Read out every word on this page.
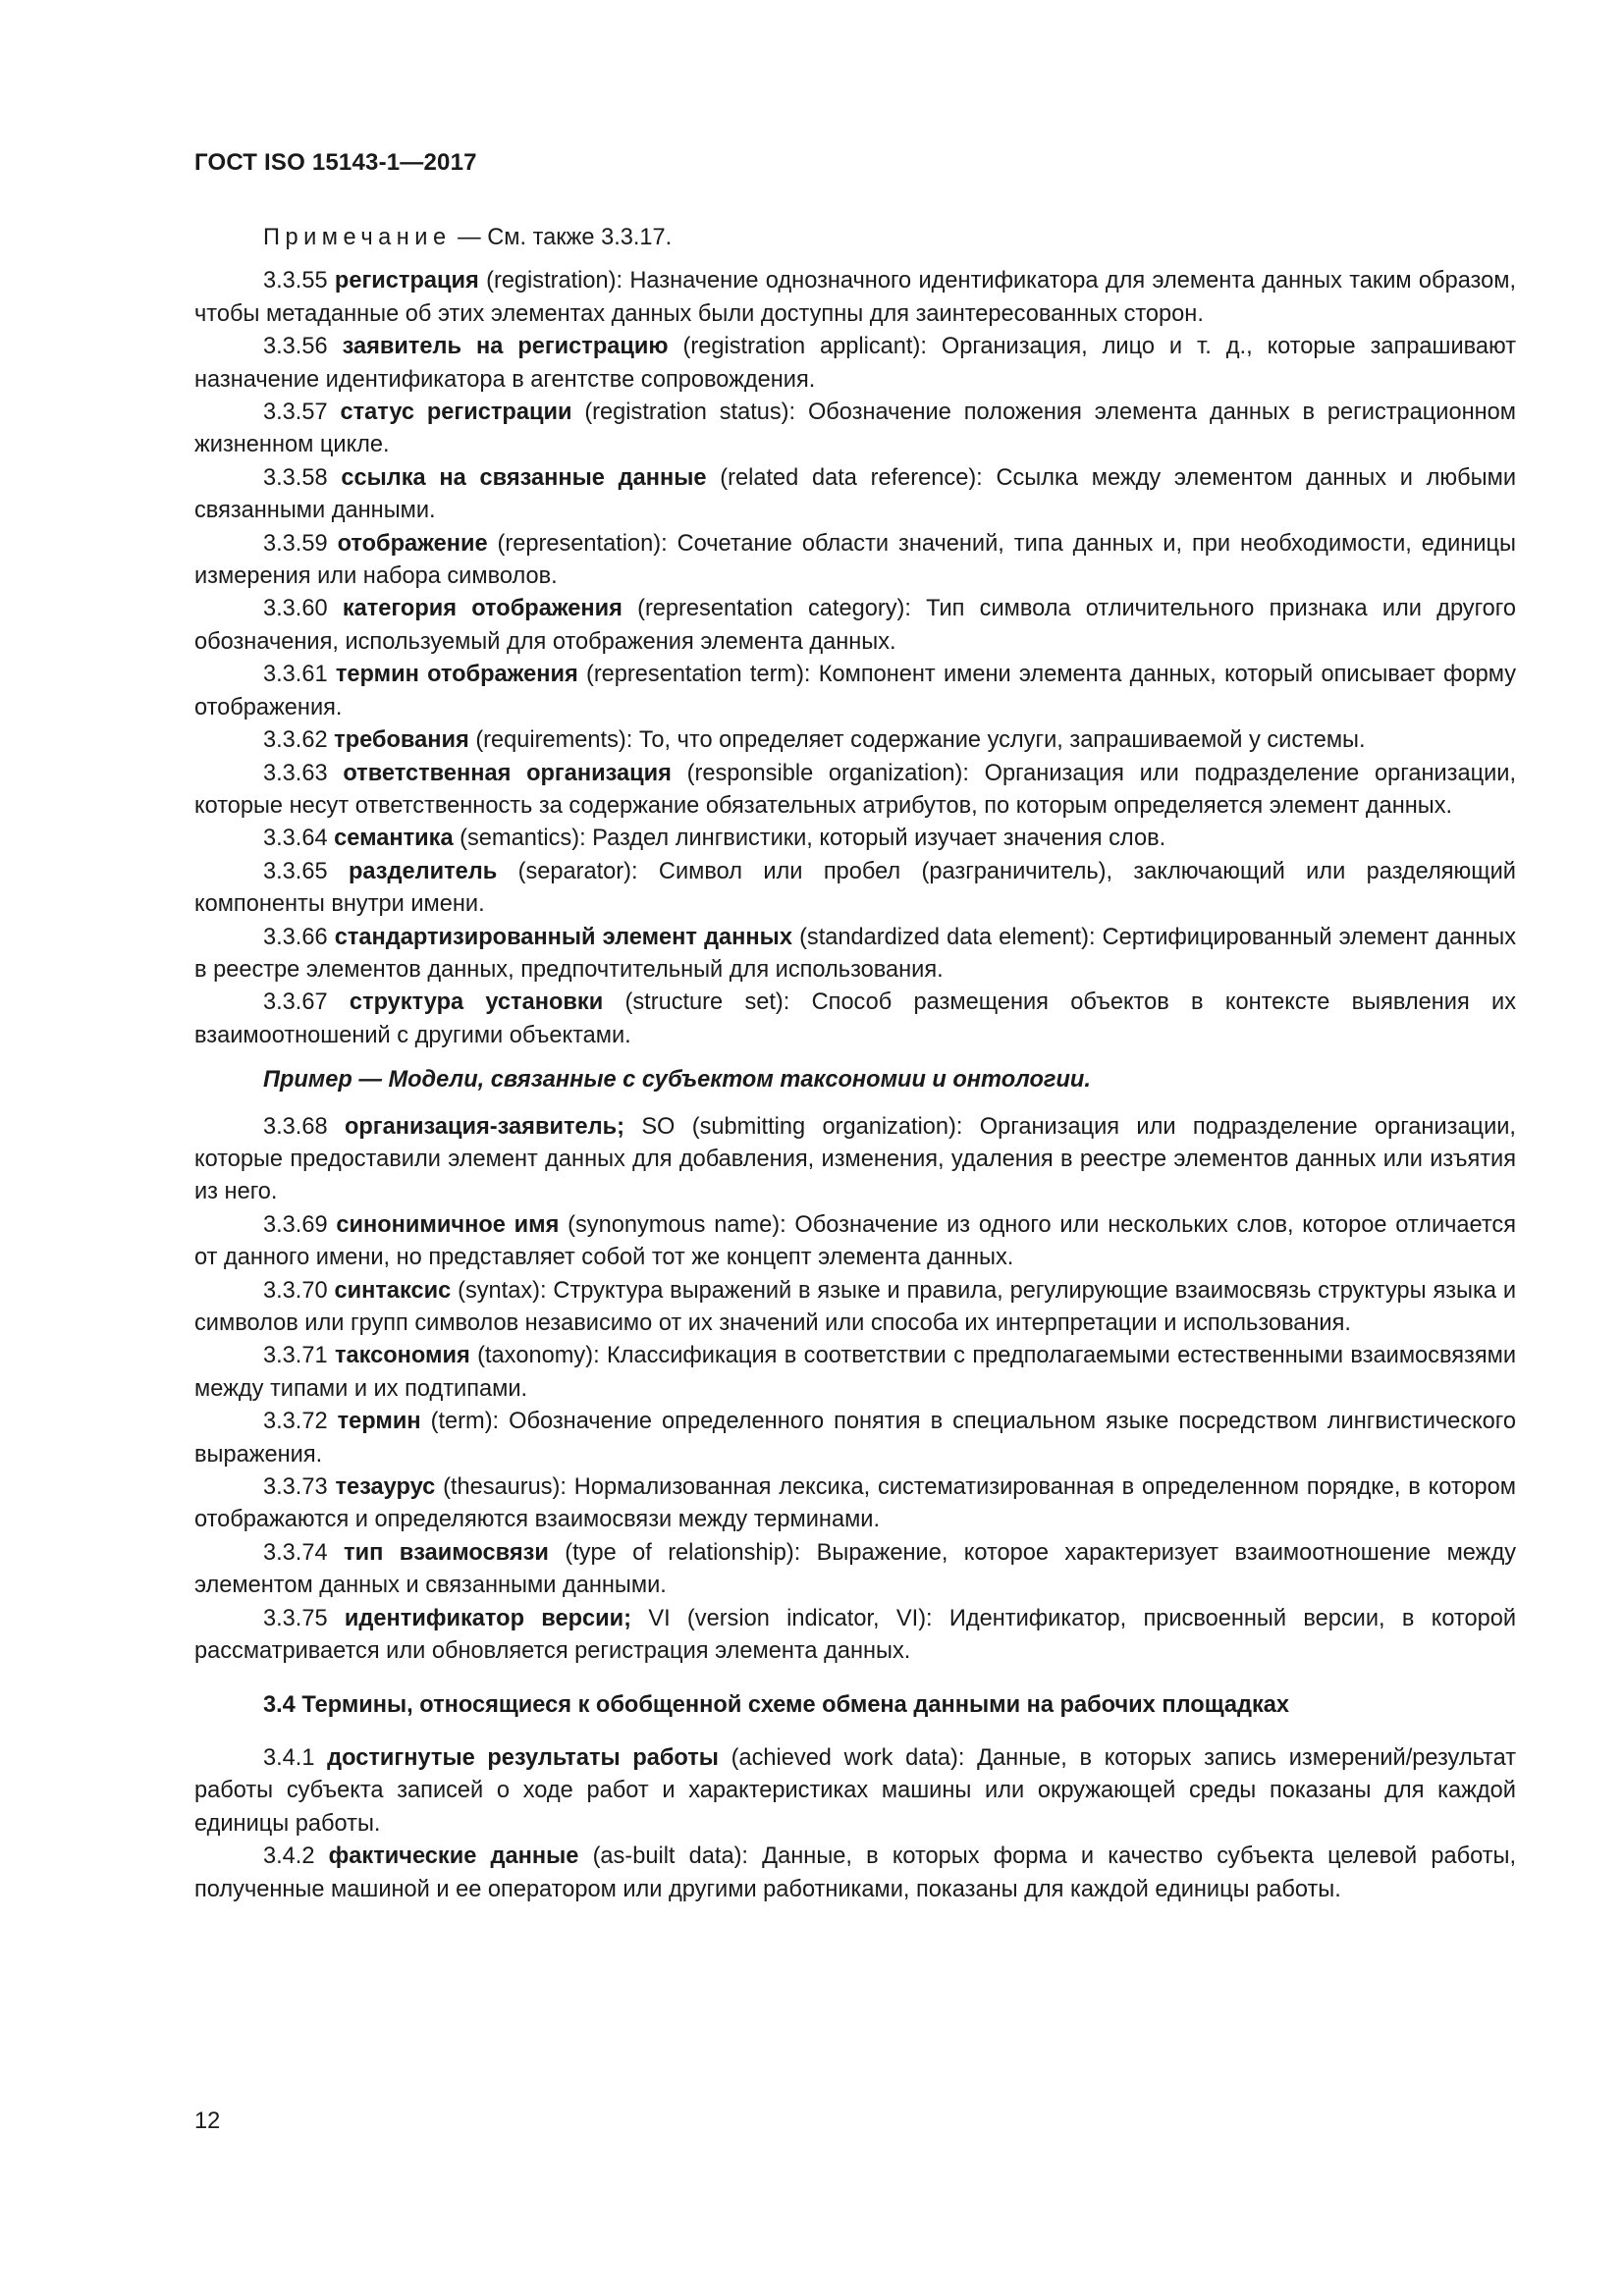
ГОСТ ISO 15143-1—2017

Примечание — См. также 3.3.17.

3.3.55 регистрация (registration): Назначение однозначного идентификатора для элемента данных таким образом, чтобы метаданные об этих элементах данных были доступны для заинтересованных сторон.

3.3.56 заявитель на регистрацию (registration applicant): Организация, лицо и т. д., которые запрашивают назначение идентификатора в агентстве сопровождения.

3.3.57 статус регистрации (registration status): Обозначение положения элемента данных в регистрационном жизненном цикле.

3.3.58 ссылка на связанные данные (related data reference): Ссылка между элементом данных и любыми связанными данными.

3.3.59 отображение (representation): Сочетание области значений, типа данных и, при необходимости, единицы измерения или набора символов.

3.3.60 категория отображения (representation category): Тип символа отличительного признака или другого обозначения, используемый для отображения элемента данных.

3.3.61 термин отображения (representation term): Компонент имени элемента данных, который описывает форму отображения.

3.3.62 требования (requirements): То, что определяет содержание услуги, запрашиваемой у системы.

3.3.63 ответственная организация (responsible organization): Организация или подразделение организации, которые несут ответственность за содержание обязательных атрибутов, по которым определяется элемент данных.

3.3.64 семантика (semantics): Раздел лингвистики, который изучает значения слов.

3.3.65 разделитель (separator): Символ или пробел (разграничитель), заключающий или разделяющий компоненты внутри имени.

3.3.66 стандартизированный элемент данных (standardized data element): Сертифицированный элемент данных в реестре элементов данных, предпочтительный для использования.

3.3.67 структура установки (structure set): Способ размещения объектов в контексте выявления их взаимоотношений с другими объектами.

Пример — Модели, связанные с субъектом таксономии и онтологии.

3.3.68 организация-заявитель; SO (submitting organization): Организация или подразделение организации, которые предоставили элемент данных для добавления, изменения, удаления в реестре элементов данных или изъятия из него.

3.3.69 синонимичное имя (synonymous name): Обозначение из одного или нескольких слов, которое отличается от данного имени, но представляет собой тот же концепт элемента данных.

3.3.70 синтаксис (syntax): Структура выражений в языке и правила, регулирующие взаимосвязь структуры языка и символов или групп символов независимо от их значений или способа их интерпретации и использования.

3.3.71 таксономия (taxonomy): Классификация в соответствии с предполагаемыми естественными взаимосвязями между типами и их подтипами.

3.3.72 термин (term): Обозначение определенного понятия в специальном языке посредством лингвистического выражения.

3.3.73 тезаурус (thesaurus): Нормализованная лексика, систематизированная в определенном порядке, в котором отображаются и определяются взаимосвязи между терминами.

3.3.74 тип взаимосвязи (type of relationship): Выражение, которое характеризует взаимоотношение между элементом данных и связанными данными.

3.3.75 идентификатор версии; VI (version indicator, VI): Идентификатор, присвоенный версии, в которой рассматривается или обновляется регистрация элемента данных.

3.4 Термины, относящиеся к обобщенной схеме обмена данными на рабочих площадках

3.4.1 достигнутые результаты работы (achieved work data): Данные, в которых запись измерений/результат работы субъекта записей о ходе работ и характеристиках машины или окружающей среды показаны для каждой единицы работы.

3.4.2 фактические данные (as-built data): Данные, в которых форма и качество субъекта целевой работы, полученные машиной и ее оператором или другими работниками, показаны для каждой единицы работы.

12
